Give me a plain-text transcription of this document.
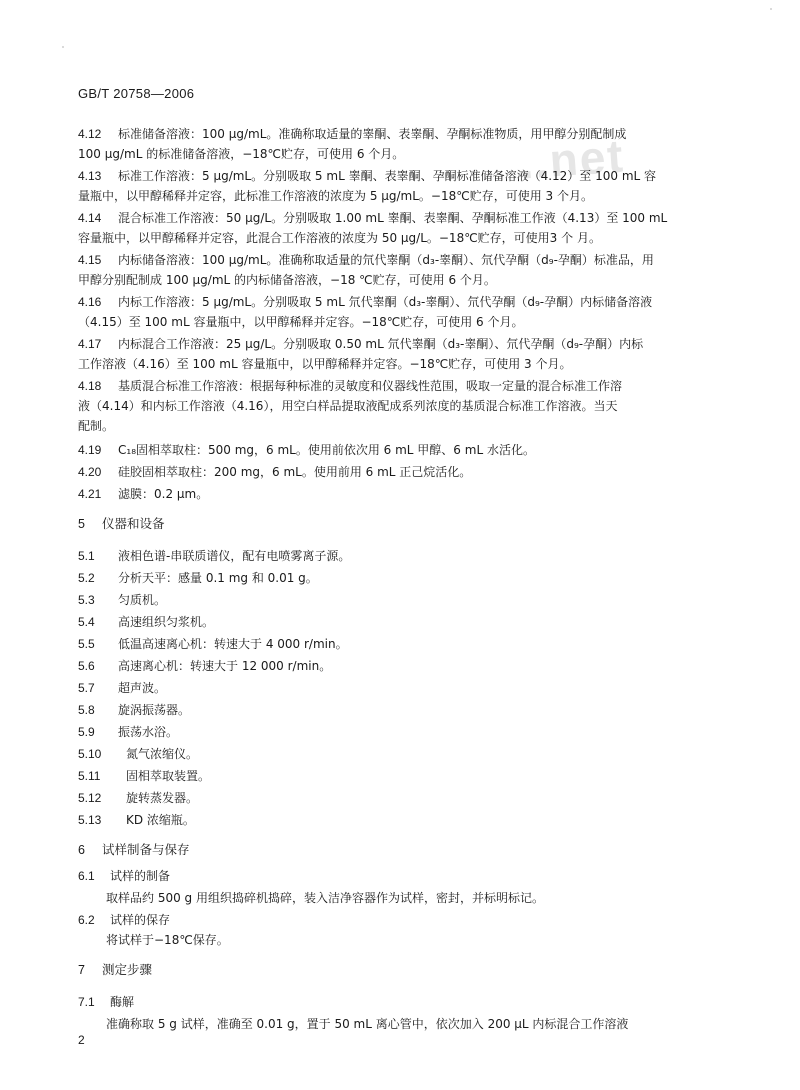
..net
GB/T 20758—2006
4.12 标准储备溶液：100 μg/mL。准确称取适量的睾酮、表睾酮、孕酮标准物质，用甲醇分别配制成
100 μg/mL 的标准储备溶液，−18℃贮存，可使用 6 个月。
4.13 标准工作溶液：5 μg/mL。分别吸取 5 mL 睾酮、表睾酮、孕酮标准储备溶液（4.12）至 100 mL 容
量瓶中，以甲醇稀释并定容，此标准工作溶液的浓度为 5 μg/mL。−18℃贮存，可使用 3 个月。
4.14 混合标准工作溶液：50 μg/L。分别吸取 1.00 mL 睾酮、表睾酮、孕酮标准工作液（4.13）至 100 mL
容量瓶中，以甲醇稀释并定容，此混合工作溶液的浓度为 50 μg/L。−18℃贮存，可使用3 个 月。
4.15 内标储备溶液：100 μg/mL。准确称取适量的氘代睾酮（d₃-睾酮）、氘代孕酮（d₉-孕酮）标准品，用
甲醇分别配制成 100 μg/mL 的内标储备溶液，−18 ℃贮存，可使用 6 个月。
4.16 内标工作溶液：5 μg/mL。分别吸取 5 mL 氘代睾酮（d₃-睾酮）、氘代孕酮（d₉-孕酮）内标储备溶液
（4.15）至 100 mL 容量瓶中，以甲醇稀释并定容。−18℃贮存，可使用 6 个月。
4.17 内标混合工作溶液：25 μg/L。分别吸取 0.50 mL 氘代睾酮（d₃-睾酮）、氘代孕酮（d₉-孕酮）内标
工作溶液（4.16）至 100 mL 容量瓶中，以甲醇稀释并定容。−18℃贮存，可使用 3 个月。
4.18 基质混合标准工作溶液：根据每种标准的灵敏度和仪器线性范围，吸取一定量的混合标准工作溶
液（4.14）和内标工作溶液（4.16），用空白样品提取液配成系列浓度的基质混合标准工作溶液。当天
配制。
4.19 C₁₈固相萃取柱：500 mg，6 mL。使用前依次用 6 mL 甲醇、6 mL 水活化。
4.20 硅胶固相萃取柱：200 mg，6 mL。使用前用 6 mL 正己烷活化。
4.21 滤膜：0.2 μm。
5 仪器和设备
5.1 液相色谱-串联质谱仪，配有电喷雾离子源。
5.2 分析天平：感量 0.1 mg 和 0.01 g。
5.3 匀质机。
5.4 高速组织匀浆机。
5.5 低温高速离心机：转速大于 4 000 r/min。
5.6 高速离心机：转速大于 12 000 r/min。
5.7 超声波。
5.8 旋涡振荡器。
5.9 振荡水浴。
5.10 氮气浓缩仪。
5.11 固相萃取装置。
5.12 旋转蒸发器。
5.13 KD 浓缩瓶。
6 试样制备与保存
6.1 试样的制备
取样品约 500 g 用组织捣碎机捣碎，装入洁净容器作为试样，密封，并标明标记。
6.2 试样的保存
将试样于−18℃保存。
7 测定步骤
7.1 酶解
准确称取 5 g 试样，准确至 0.01 g，置于 50 mL 离心管中，依次加入 200 μL 内标混合工作溶液
2
